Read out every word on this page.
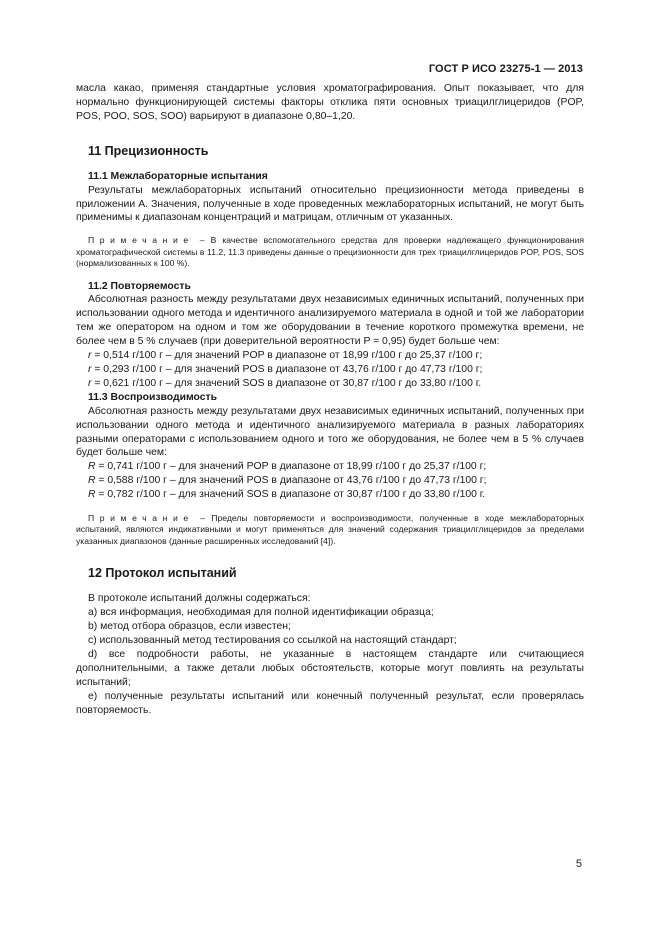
ГОСТ Р ИСО 23275-1 — 2013

масла какао, применяя стандартные условия хроматографирования. Опыт показывает, что для нормально функционирующей системы факторы отклика пяти основных триацилглицеридов (POP, POS, POO, SOS, SOO) варьируют в диапазоне 0,80–1,20.

11 Прецизионность
11.1 Межлабораторные испытания

Результаты межлабораторных испытаний относительно прецизионности метода приведены в приложении А. Значения, полученные в ходе проведенных межлабораторных испытаний, не могут быть применимы к диапазонам концентраций и матрицам, отличным от указанных.

Примечание – В качестве вспомогательного средства для проверки надлежащего функционирования хроматографической системы в 11.2, 11.3 приведены данные о прецизионности для трех триацилглицеридов POP, POS, SOS (нормализованных к 100 %).

11.2 Повторяемость

Абсолютная разность между результатами двух независимых единичных испытаний, полученных при использовании одного метода и идентичного анализируемого материала в одной и той же лаборатории тем же оператором на одном и том же оборудовании в течение короткого промежутка времени, не более чем в 5 % случаев (при доверительной вероятности P = 0,95) будет больше чем:

r = 0,514 г/100 г – для значений POP в диапазоне от 18,99 г/100 г до 25,37 г/100 г;
r = 0,293 г/100 г – для значений POS в диапазоне от 43,76 г/100 г до 47,73 г/100 г;
r = 0,621 г/100 г – для значений SOS в диапазоне от 30,87 г/100 г до 33,80 г/100 г.
11.3 Воспроизводимость

Абсолютная разность между результатами двух независимых единичных испытаний, полученных при использовании одного метода и идентичного анализируемого материала в разных лабораториях разными операторами с использованием одного и того же оборудования, не более чем в 5 % случаев будет больше чем:

R = 0,741 г/100 г – для значений POP в диапазоне от 18,99 г/100 г до 25,37 г/100 г;
R = 0,588 г/100 г – для значений POS в диапазоне от 43,76 г/100 г до 47,73 г/100 г;
R = 0,782 г/100 г – для значений SOS в диапазоне от 30,87 г/100 г до 33,80 г/100 г.

Примечание – Пределы повторяемости и воспроизводимости, полученные в ходе межлабораторных испытаний, являются индикативными и могут применяться для значений содержания триацилглицеридов за пределами указанных диапазонов (данные расширенных исследований [4]).

12 Протокол испытаний

В протоколе испытаний должны содержаться:

а) вся информация, необходимая для полной идентификации образца;

b) метод отбора образцов, если известен;

с) использованный метод тестирования со ссылкой на настоящий стандарт;

d) все подробности работы, не указанные в настоящем стандарте или считающиеся дополнительными, а также детали любых обстоятельств, которые могут повлиять на результаты испытаний;

е) полученные результаты испытаний или конечный полученный результат, если проверялась повторяемость.

5
